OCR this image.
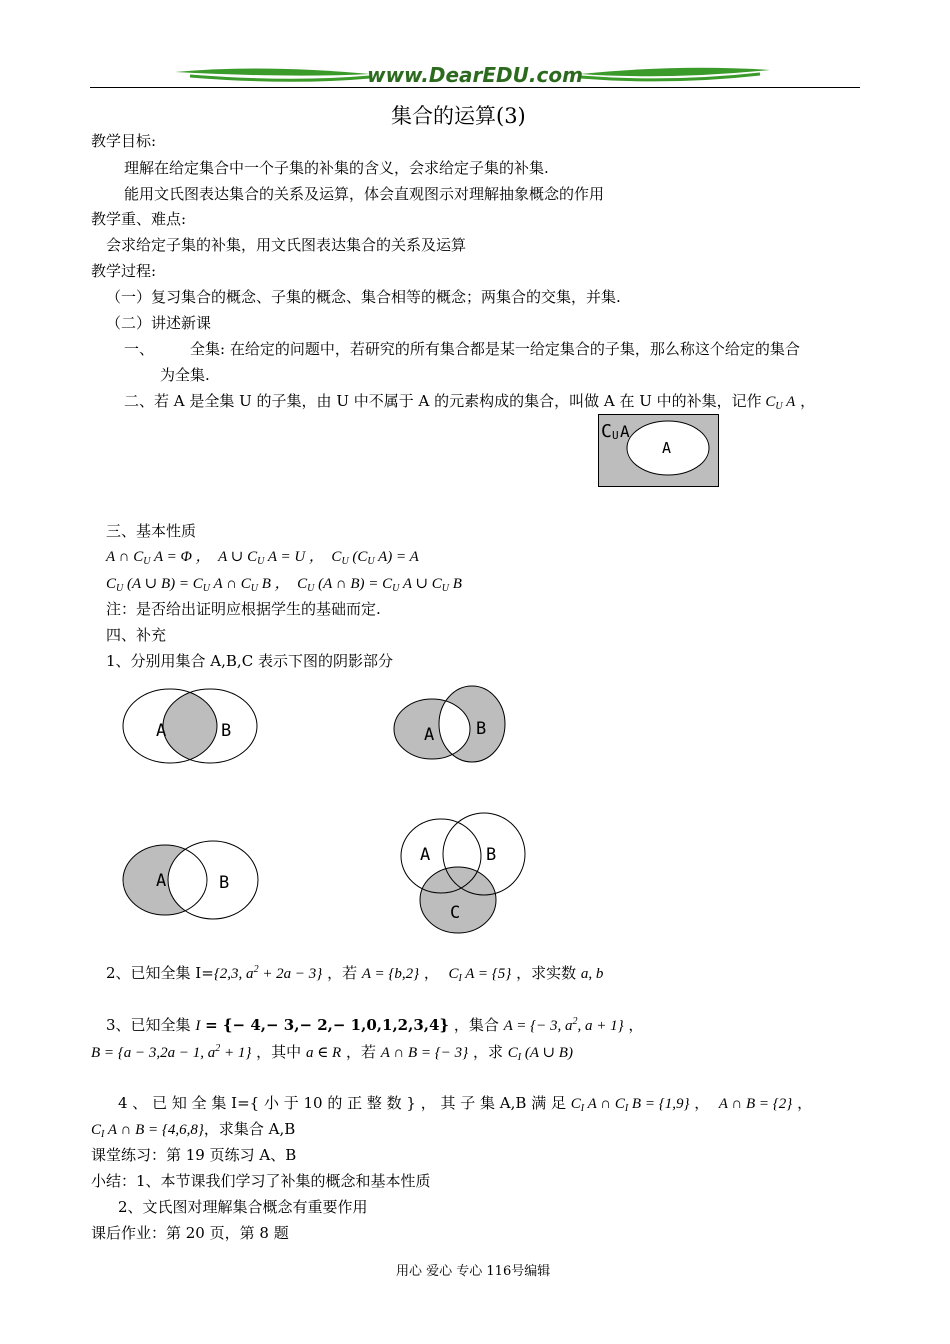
www.DearEDU.com
集合的运算(3)
教学目标:
理解在给定集合中一个子集的补集的含义，会求给定子集的补集.
能用文氏图表达集合的关系及运算，体会直观图示对理解抽象概念的作用
教学重、难点:
会求给定子集的补集，用文氏图表达集合的关系及运算
教学过程:
（一）复习集合的概念、子集的概念、集合相等的概念；两集合的交集，并集.
（二）讲述新课
一、 全集: 在给定的问题中，若研究的所有集合都是某一给定集合的子集，那么称这个给定的集合
为全集.
二、若 A 是全集 U 的子集，由 U 中不属于 A 的元素构成的集合，叫做 A 在 U 中的补集，记作 $C_U$ A ，
C U A
A
三、基本性质
A ∩ $C_U$ A = Φ ，  A ∪ $C_U$ A = U ，  $C_U$ ($C_U$ A) = A
$C_U$ (A ∪ $B) = C_U$ A ∩ $C_U$ B ，  $C_U$ (A ∩ $B) = C_U$ A ∪ $C_U$ B
注：是否给出证明应根据学生的基础而定.
四、补充
1、分别用集合 A,B,C 表示下图的阴影部分
A	B	A B
A	B
A	B
C
2、已知全集 I={2,3, $a^2 + 2a - 3$} ，若 A = {b,2} ，  $C_I$ A = {5} ，求实数 a, b
3、已知全集 I = {− 4,− 3,− 2,− 1,0,1,2,3,4} ，集合 A = {− 3, $a^2$, a + 1} ，
B = {a − 3,2a − 1, $a^2 + 1$} ，其中 a ∈ R ，若 A ∩ B = {− 3} ，求 $C_I$ (A ∪ B)
4 、 已 知 全 集 I={ 小 于 10 的 正 整 数 } ， 其 子 集 A,B 满 足 $C_I$ A ∩ $C_I$ B = {1,9} ，  A ∩ B = {2} ，
$C_I$ A ∩ B = {4,6,8}，求集合 A,B
课堂练习：第 19 页练习 A、B
小结：1、本节课我们学习了补集的概念和基本性质
2、文氏图对理解集合概念有重要作用
课后作业：第 20 页，第 8 题
用心 爱心 专心 116号编辑
